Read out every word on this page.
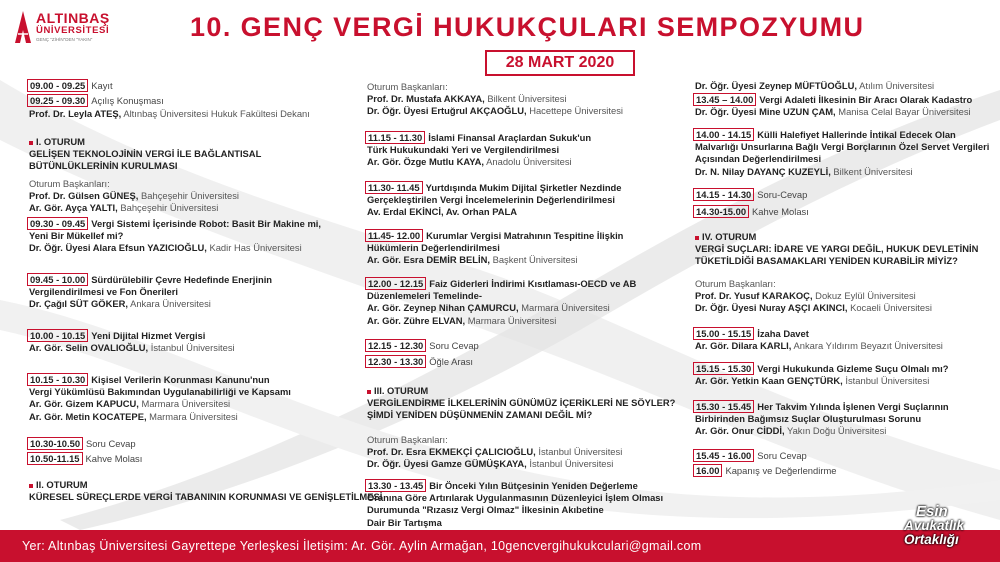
ALTINBAŞ
ÜNİVERSİTESİ
GENÇ "ZİHİN"DEN "YAKIN"	10. GENÇ VERGİ HUKUKÇULARI SEMPOZYUMU
28 MART 2020
09.00 - 09.25 Kayıt
09.25 - 09.30 Açılış Konuşması
Prof. Dr. Leyla ATEŞ, Altınbaş Üniversitesi Hukuk Fakültesi Dekanı
I. OTURUM
GELİŞEN TEKNOLOJİNİN VERGİ İLE BAĞLANTISAL
BÜTÜNLÜKLERİNİN KURULMASI
Oturum Başkanları:
Prof. Dr. Gülsen GÜNEŞ, Bahçeşehir Üniversitesi
Ar. Gör. Ayça YALTI, Bahçeşehir Üniversitesi
09.30 - 09.45 Vergi Sistemi İçerisinde Robot: Basit Bir Makine mi,
Yeni Bir Mükellef mi?
Dr. Öğr. Üyesi Alara Efsun YAZICIOĞLU, Kadir Has Üniversitesi
09.45 - 10.00 Sürdürülebilir Çevre Hedefinde Enerjinin
Vergilendirilmesi ve Fon Önerileri
Dr. Çağıl SÜT GÖKER, Ankara Üniversitesi
10.00 - 10.15 Yeni Dijital Hizmet Vergisi
Ar. Gör. Selin OVALIOĞLU, İstanbul Üniversitesi
10.15 - 10.30 Kişisel Verilerin Korunması Kanunu'nun
Vergi Yükümlüsü Bakımından Uygulanabilirliği ve Kapsamı
Ar. Gör. Gizem KAPUCU, Marmara Üniversitesi
Ar. Gör. Metin KOCATEPE, Marmara Üniversitesi
10.30-10.50 Soru Cevap
10.50-11.15 Kahve Molası
II. OTURUM
KÜRESEL SÜREÇLERDE VERGİ TABANININ KORUNMASI VE GENİŞLETİLMESİ
Oturum Başkanları:
Prof. Dr. Mustafa AKKAYA, Bilkent Üniversitesi
Dr. Öğr. Üyesi Ertuğrul AKÇAOĞLU, Hacettepe Üniversitesi
11.15 - 11.30 İslami Finansal Araçlardan Sukuk'un
Türk Hukukundaki Yeri ve Vergilendirilmesi
Ar. Gör. Özge Mutlu KAYA, Anadolu Üniversitesi
11.30- 11.45 Yurtdışında Mukim Dijital Şirketler Nezdinde
Gerçekleştirilen Vergi İncelemelerinin Değerlendirilmesi
Av. Erdal EKİNCİ, Av. Orhan PALA
11.45- 12.00 Kurumlar Vergisi Matrahının Tespitine İlişkin
Hükümlerin Değerlendirilmesi
Ar. Gör. Esra DEMİR BELİN, Başkent Üniversitesi
12.00 - 12.15 Faiz Giderleri İndirimi Kısıtlaması-OECD ve AB
Düzenlemeleri Temelinde-
Ar. Gör. Zeynep Nihan ÇAMURCU, Marmara Üniversitesi
Ar. Gör. Zühre ELVAN, Marmara Üniversitesi
12.15 - 12.30 Soru Cevap
12.30 - 13.30 Öğle Arası
III. OTURUM
VERGİLENDİRME İLKELERİNİN GÜNÜMÜZ İÇERİKLERİ NE SÖYLER?
ŞİMDİ YENİDEN DÜŞÜNMENİN ZAMANI DEĞİL Mİ?
Oturum Başkanları:
Prof. Dr. Esra EKMEKÇİ ÇALICIOĞLU, İstanbul Üniversitesi
Dr. Öğr. Üyesi Gamze GÜMÜŞKAYA, İstanbul Üniversitesi
13.30 - 13.45 Bir Önceki Yılın Bütçesinin Yeniden Değerleme
Oranına Göre Artırılarak Uygulanmasının Düzenleyici İşlem Olması
Durumunda "Rızasız Vergi Olmaz" İlkesinin Akıbetine
Dair Bir Tartışma
Dr. Öğr. Üyesi Zeynep MÜFTÜOĞLU, Atılım Üniversitesi
13.45 – 14.00 Vergi Adaleti İlkesinin Bir Aracı Olarak Kadastro
Dr. Öğr. Üyesi Mine UZUN ÇAM, Manisa Celal Bayar Üniversitesi
14.00 - 14.15 Külli Halefiyet Hallerinde İntikal Edecek Olan
Malvarlığı Unsurlarına Bağlı Vergi Borçlarının Özel Servet Vergileri
Açısından Değerlendirilmesi
Dr. N. Nilay DAYANÇ KUZEYLİ, Bilkent Üniversitesi
14.15 - 14.30 Soru-Cevap
14.30-15.00 Kahve Molası
IV. OTURUM
VERGİ SUÇLARI: İDARE VE YARGI DEĞİL, HUKUK DEVLETİNİN
TÜKETİLDİĞİ BASAMAKLARI YENİDEN KURABİLİR MİYİZ?
Oturum Başkanları:
Prof. Dr. Yusuf KARAKOÇ, Dokuz Eylül Üniversitesi
Dr. Öğr. Üyesi Nuray AŞÇI AKINCI, Kocaeli Üniversitesi
15.00 - 15.15 İzaha Davet
Ar. Gör. Dilara KARLI, Ankara Yıldırım Beyazıt Üniversitesi
15.15 - 15.30 Vergi Hukukunda Gizleme Suçu Olmalı mı?
Ar. Gör. Yetkin Kaan GENÇTÜRK, İstanbul Üniversitesi
15.30 - 15.45 Her Takvim Yılında İşlenen Vergi Suçlarının
Birbirinden Bağımsız Suçlar Oluşturulması Sorunu
Ar. Gör. Onur CİDDİ, Yakın Doğu Üniversitesi
15.45 - 16.00 Soru Cevap
16.00 Kapanış ve Değerlendirme
Yer: Altınbaş Üniversitesi Gayrettepe Yerleşkesi İletişim: Ar. Gör. Aylin Armağan, 10gencvergihukukculari@gmail.com
Esin
Avukatlık
Ortaklığı
